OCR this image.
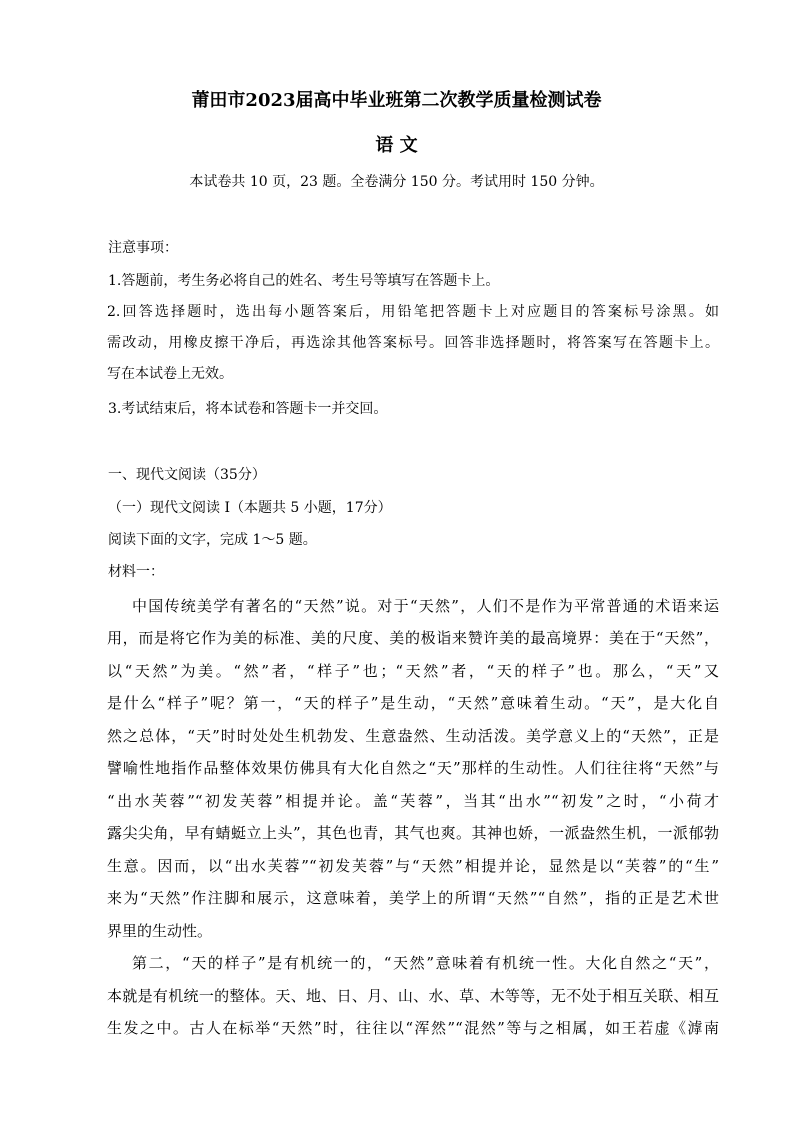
莆田市2023届高中毕业班第二次教学质量检测试卷
语 文
本试卷共 10 页，23 题。全卷满分 150 分。考试用时 150 分钟。
注意事项：
1.答题前，考生务必将自己的姓名、考生号等填写在答题卡上。
2.回答选择题时，选出每小题答案后，用铅笔把答题卡上对应题目的答案标号涂黑。如
需改动，用橡皮擦干净后，再选涂其他答案标号。回答非选择题时，将答案写在答题卡上。
写在本试卷上无效。
3.考试结束后，将本试卷和答题卡一并交回。
一、现代文阅读（35分）
（一）现代文阅读 I（本题共 5 小题，17分）
阅读下面的文字，完成 1～5 题。
材料一：
中国传统美学有著名的“天然”说。对于“天然”，人们不是作为平常普通的术语来运
用，而是将它作为美的标准、美的尺度、美的极诣来赞许美的最高境界：美在于“天然”，
以“天然”为美。“然”者，“样子”也；“天然”者，“天的样子”也。那么，“天”又
是什么“样子”呢？第一，“天的样子”是生动，“天然”意味着生动。“天”，是大化自
然之总体，“天”时时处处生机勃发、生意盎然、生动活泼。美学意义上的“天然”，正是
譬喻性地指作品整体效果仿佛具有大化自然之“天”那样的生动性。人们往往将“天然”与
“出水芙蓉”“初发芙蓉”相提并论。盖“芙蓉”，当其“出水”“初发”之时，“小荷才
露尖尖角，早有蜻蜓立上头”，其色也青，其气也爽。其神也娇，一派盎然生机，一派郁勃
生意。因而，以“出水芙蓉”“初发芙蓉”与“天然”相提并论，显然是以“芙蓉”的“生”
来为“天然”作注脚和展示，这意味着，美学上的所谓“天然”“自然”，指的正是艺术世
界里的生动性。
第二，“天的样子”是有机统一的，“天然”意味着有机统一性。大化自然之“天”，
本就是有机统一的整体。天、地、日、月、山、水、草、木等等，无不处于相互关联、相互
生发之中。古人在标举“天然”时，往往以“浑然”“混然”等与之相属，如王若虚《滹南
